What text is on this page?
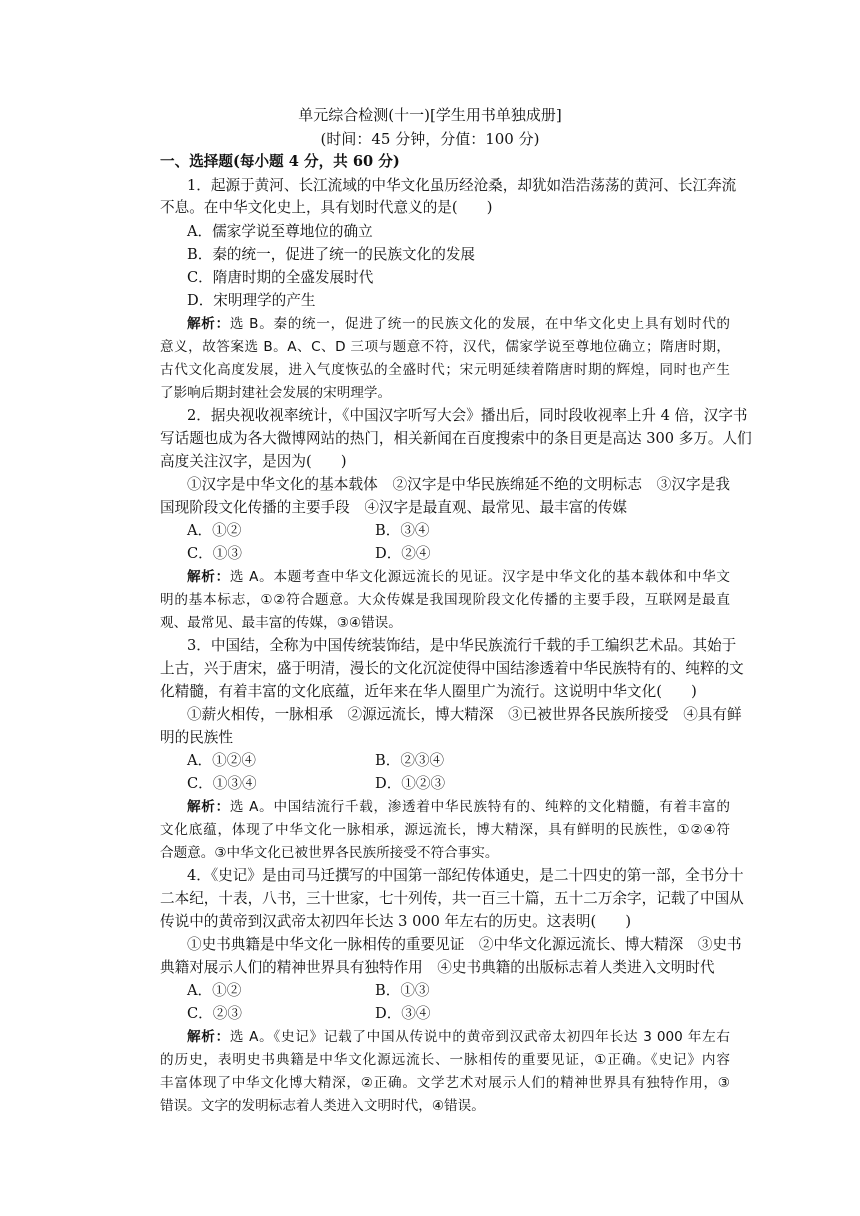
单元综合检测(十一)[学生用书单独成册]
(时间：45 分钟，分值：100 分)
一、选择题(每小题 4 分，共 60 分)
1．起源于黄河、长江流域的中华文化虽历经沧桑，却犹如浩浩荡荡的黄河、长江奔流
不息。在中华文化史上，具有划时代意义的是(　　)
A．儒家学说至尊地位的确立
B．秦的统一，促进了统一的民族文化的发展
C．隋唐时期的全盛发展时代
D．宋明理学的产生
解析：选 B。秦的统一，促进了统一的民族文化的发展，在中华文化史上具有划时代的
意义，故答案选 B。A、C、D 三项与题意不符，汉代，儒家学说至尊地位确立；隋唐时期，
古代文化高度发展，进入气度恢弘的全盛时代；宋元明延续着隋唐时期的辉煌，同时也产生
了影响后期封建社会发展的宋明理学。
2．据央视收视率统计，《中国汉字听写大会》播出后，同时段收视率上升 4 倍，汉字书
写话题也成为各大微博网站的热门，相关新闻在百度搜索中的条目更是高达 300 多万。人们
高度关注汉字，是因为(　　)
①汉字是中华文化的基本载体　②汉字是中华民族绵延不绝的文明标志　③汉字是我
国现阶段文化传播的主要手段　④汉字是最直观、最常见、最丰富的传媒
A．①②	B．③④
C．①③	D．②④
解析：选 A。本题考查中华文化源远流长的见证。汉字是中华文化的基本载体和中华文
明的基本标志，①②符合题意。大众传媒是我国现阶段文化传播的主要手段，互联网是最直
观、最常见、最丰富的传媒，③④错误。
3．中国结，全称为中国传统装饰结，是中华民族流行千载的手工编织艺术品。其始于
上古，兴于唐宋，盛于明清，漫长的文化沉淀使得中国结渗透着中华民族特有的、纯粹的文
化精髓，有着丰富的文化底蕴，近年来在华人圈里广为流行。这说明中华文化(　　)
①薪火相传，一脉相承　②源远流长，博大精深　③已被世界各民族所接受　④具有鲜
明的民族性
A．①②④	B．②③④
C．①③④	D．①②③
解析：选 A。中国结流行千载，渗透着中华民族特有的、纯粹的文化精髓，有着丰富的
文化底蕴，体现了中华文化一脉相承，源远流长，博大精深，具有鲜明的民族性，①②④符
合题意。③中华文化已被世界各民族所接受不符合事实。
4．《史记》是由司马迁撰写的中国第一部纪传体通史，是二十四史的第一部，全书分十
二本纪，十表，八书，三十世家，七十列传，共一百三十篇，五十二万余字，记载了中国从
传说中的黄帝到汉武帝太初四年长达 3 000 年左右的历史。这表明(　　)
①史书典籍是中华文化一脉相传的重要见证　②中华文化源远流长、博大精深　③史书
典籍对展示人们的精神世界具有独特作用　④史书典籍的出版标志着人类进入文明时代
A．①②	B．①③
C．②③	D．③④
解析：选 A。《史记》记载了中国从传说中的黄帝到汉武帝太初四年长达 3 000 年左右
的历史，表明史书典籍是中华文化源远流长、一脉相传的重要见证，①正确。《史记》内容
丰富体现了中华文化博大精深，②正确。文学艺术对展示人们的精神世界具有独特作用，③
错误。文字的发明标志着人类进入文明时代，④错误。
